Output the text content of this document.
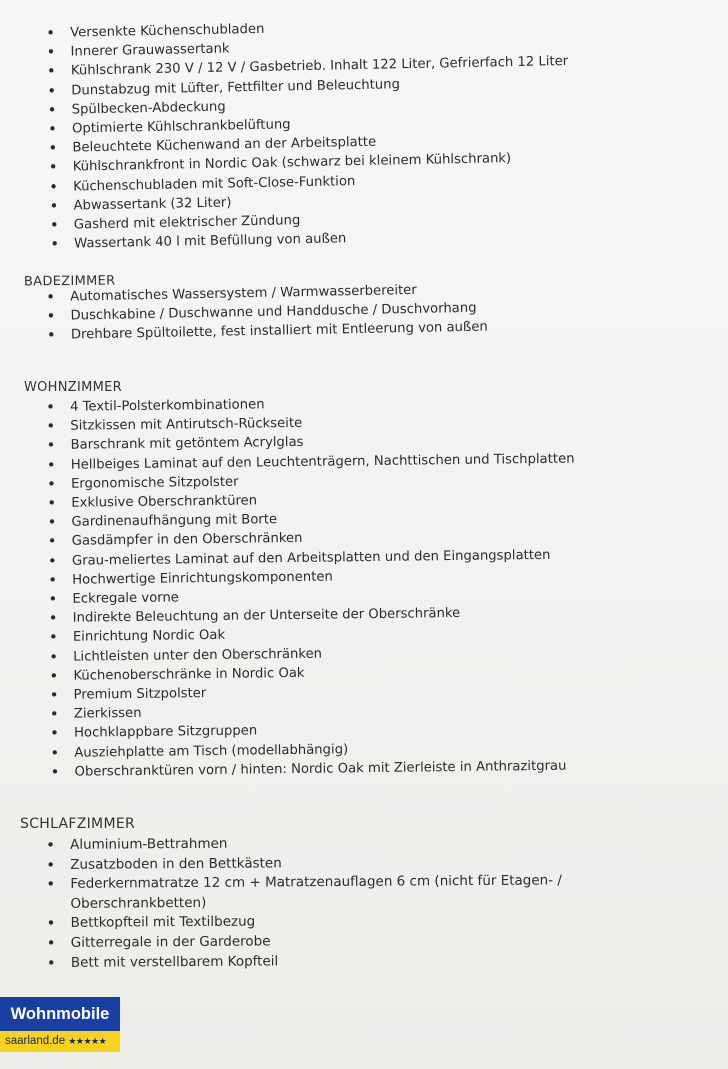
• Versenkte Küchenschubladen
• Innerer Grauwassertank
• Kühlschrank 230 V / 12 V / Gasbetrieb. Inhalt 122 Liter, Gefrierfach 12 Liter
• Dunstabzug mit Lüfter, Fettfilter und Beleuchtung
• Spülbecken-Abdeckung
• Optimierte Kühlschrankbelüftung
• Beleuchtete Küchenwand an der Arbeitsplatte
• Kühlschrankfront in Nordic Oak (schwarz bei kleinem Kühlschrank)
• Küchenschubladen mit Soft-Close-Funktion
• Abwassertank (32 Liter)
• Gasherd mit elektrischer Zündung
• Wassertank 40 l mit Befüllung von außen
BADEZIMMER
• Automatisches Wassersystem / Warmwasserbereiter
• Duschkabine / Duschwanne und Handdusche / Duschvorhang
• Drehbare Spültoilette, fest installiert mit Entleerung von außen
WOHNZIMMER
• 4 Textil-Polsterkombinationen
• Sitzkissen mit Antirutsch-Rückseite
• Barschrank mit getöntem Acrylglas
• Hellbeiges Laminat auf den Leuchtenträgern, Nachttischen und Tischplatten
• Ergonomische Sitzpolster
• Exklusive Oberschranktüren
• Gardinenaufhängung mit Borte
• Gasdämpfer in den Oberschränken
• Grau-meliertes Laminat auf den Arbeitsplatten und den Eingangsplatten
• Hochwertige Einrichtungskomponenten
• Eckregale vorne
• Indirekte Beleuchtung an der Unterseite der Oberschränke
• Einrichtung Nordic Oak
• Lichtleisten unter den Oberschränken
• Küchenoberschränke in Nordic Oak
• Premium Sitzpolster
• Zierkissen
• Hochklappbare Sitzgruppen
• Ausziehplatte am Tisch (modellabhängig)
• Oberschranktüren vorn / hinten: Nordic Oak mit Zierleiste in Anthrazitgrau
SCHLAFZIMMER
• Aluminium-Bettrahmen
• Zusatzboden in den Bettkästen
• Federkernmatratze 12 cm + Matratzenauflagen 6 cm (nicht für Etagen- / Oberschrankbetten)
• Bettkopfteil mit Textilbezug
• Gitterregale in der Garderobe
• Bett mit verstellbarem Kopfteil
Wohnmobile
saarland.de ★★★★★
